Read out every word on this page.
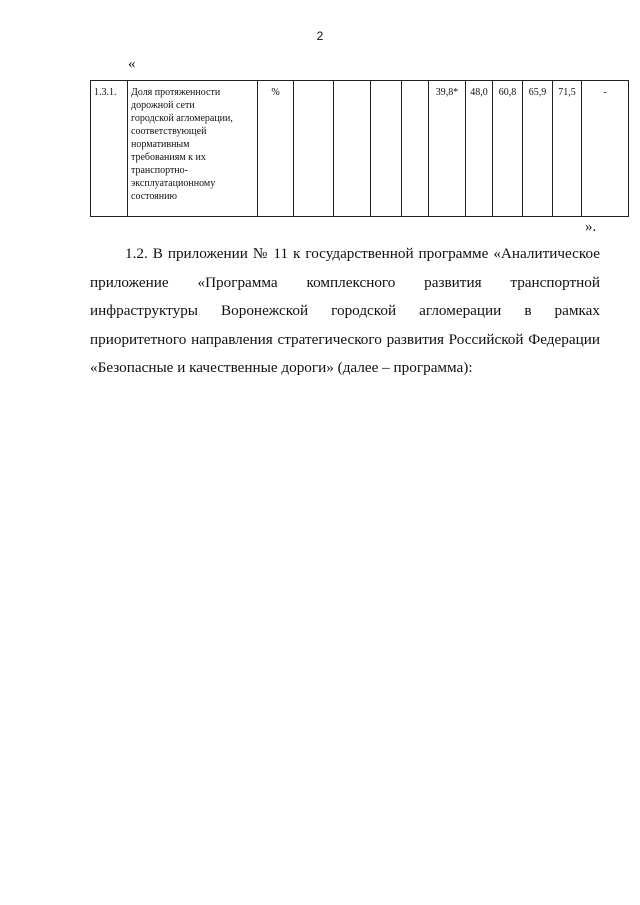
2
«
1.3.1.	Доля протяженности
дорожной сети
городской агломерации,
соответствующей
нормативным
требованиям к их
транспортно-
эксплуатационному
состоянию
	%					39,8*	48,0	60,8	65,9	71,5	-
».

1.2. В приложении № 11 к государственной программе «Аналитическое приложение «Программа комплексного развития транспортной инфраструктуры Воронежской городской агломерации в рамках приоритетного направления стратегического развития Российской Федерации «Безопасные и качественные дороги» (далее – программа):
